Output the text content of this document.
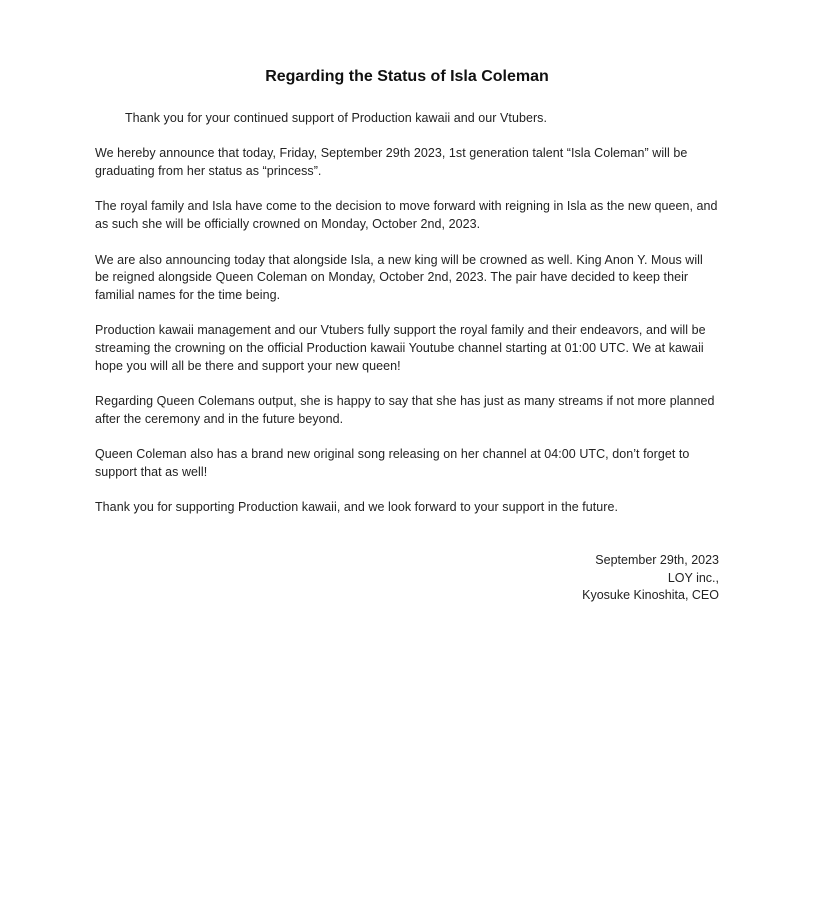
Regarding the Status of Isla Coleman

Thank you for your continued support of Production kawaii and our Vtubers.

We hereby announce that today, Friday, September 29th 2023, 1st generation talent “Isla Coleman” will be graduating from her status as “princess”.

The royal family and Isla have come to the decision to move forward with reigning in Isla as the new queen, and as such she will be officially crowned on Monday, October 2nd, 2023.

We are also announcing today that alongside Isla, a new king will be crowned as well. King Anon Y. Mous will be reigned alongside Queen Coleman on Monday, October 2nd, 2023. The pair have decided to keep their familial names for the time being.

Production kawaii management and our Vtubers fully support the royal family and their endeavors, and will be streaming the crowning on the official Production kawaii Youtube channel starting at 01:00 UTC. We at kawaii hope you will all be there and support your new queen!

Regarding Queen Colemans output, she is happy to say that she has just as many streams if not more planned after the ceremony and in the future beyond.

Queen Coleman also has a brand new original song releasing on her channel at 04:00 UTC, don’t forget to support that as well!

Thank you for supporting Production kawaii, and we look forward to your support in the future.

September 29th, 2023
LOY inc.,
Kyosuke Kinoshita, CEO
